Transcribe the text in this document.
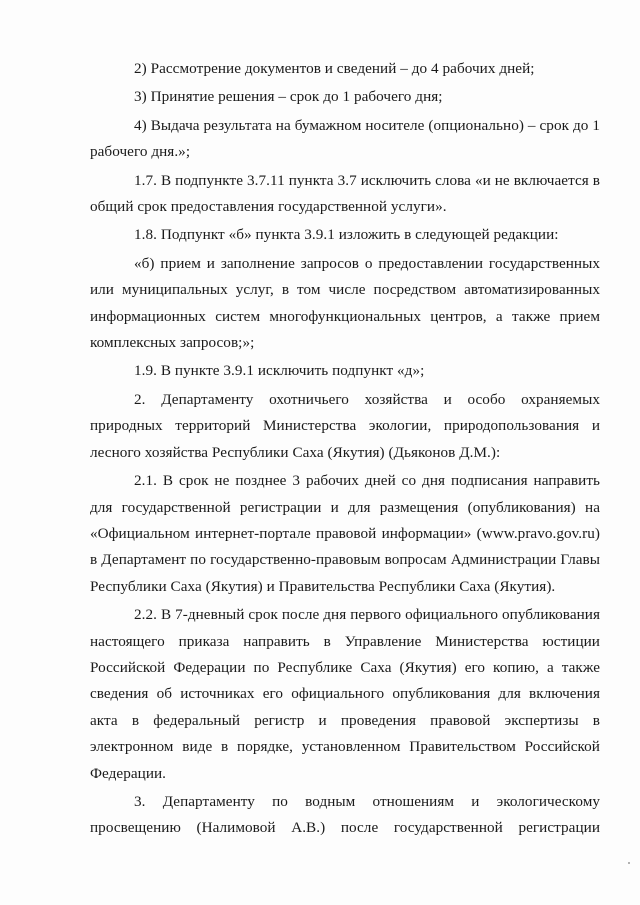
2) Рассмотрение документов и сведений – до 4 рабочих дней;

3) Принятие решения – срок до 1 рабочего дня;

4) Выдача результата на бумажном носителе (опционально) – срок до 1 рабочего дня.»;

1.7. В подпункте 3.7.11 пункта 3.7 исключить слова «и не включается в общий срок предоставления государственной услуги».

1.8. Подпункт «б» пункта 3.9.1 изложить в следующей редакции:

«б) прием и заполнение запросов о предоставлении государственных или муниципальных услуг, в том числе посредством автоматизированных информационных систем многофункциональных центров, а также прием комплексных запросов;»;

1.9. В пункте 3.9.1 исключить подпункт «д»;

2. Департаменту охотничьего хозяйства и особо охраняемых природных территорий Министерства экологии, природопользования и лесного хозяйства Республики Саха (Якутия) (Дьяконов Д.М.):

2.1. В срок не позднее 3 рабочих дней со дня подписания направить для государственной регистрации и для размещения (опубликования) на «Официальном интернет-портале правовой информации» (www.pravo.gov.ru) в Департамент по государственно-правовым вопросам Администрации Главы Республики Саха (Якутия) и Правительства Республики Саха (Якутия).

2.2. В 7-дневный срок после дня первого официального опубликования настоящего приказа направить в Управление Министерства юстиции Российской Федерации по Республике Саха (Якутия) его копию, а также сведения об источниках его официального опубликования для включения акта в федеральный регистр и проведения правовой экспертизы в электронном виде в порядке, установленном Правительством Российской Федерации.

3. Департаменту по водным отношениям и экологическому просвещению (Налимовой А.В.) после государственной регистрации
